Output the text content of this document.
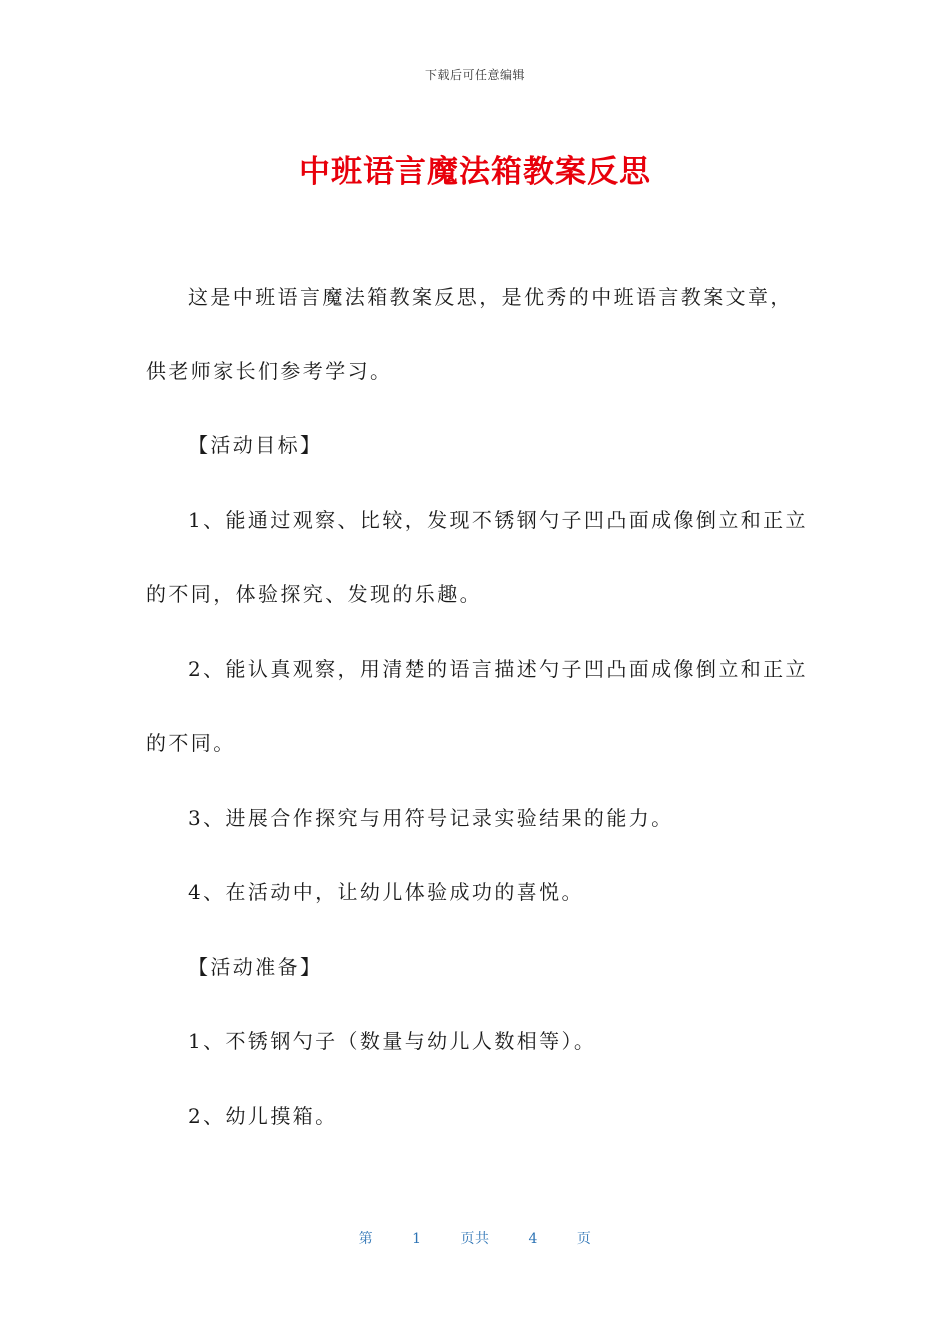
下载后可任意编辑
中班语言魔法箱教案反思
这是中班语言魔法箱教案反思，是优秀的中班语言教案文章，
供老师家长们参考学习。
【活动目标】
1、能通过观察、比较，发现不锈钢勺子凹凸面成像倒立和正立
的不同，体验探究、发现的乐趣。
2、能认真观察，用清楚的语言描述勺子凹凸面成像倒立和正立
的不同。
3、进展合作探究与用符号记录实验结果的能力。
4、在活动中，让幼儿体验成功的喜悦。
【活动准备】
1、不锈钢勺子（数量与幼儿人数相等）。
2、幼儿摸箱。
第	1	页共	4	页
